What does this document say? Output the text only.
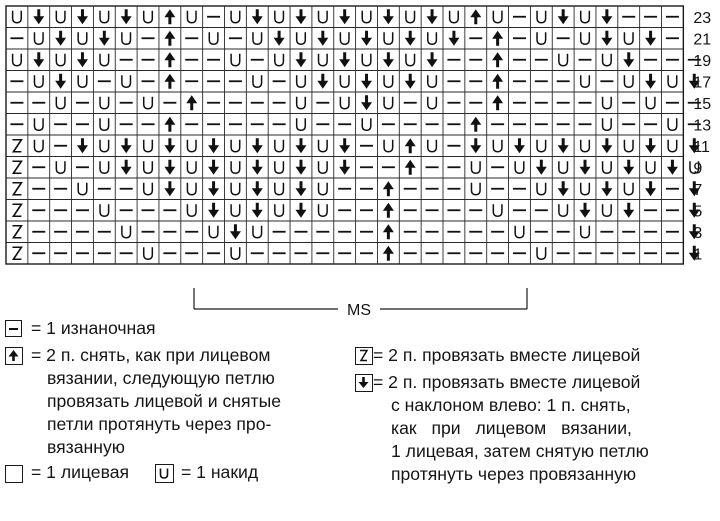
23
21
19
17
15
13
11
9
7
5
3
1
MS
= 1 изнаночная
= 2 п. снять, как при лицевом
вязании, следующую петлю
провязать лицевой и снятые
петли протянуть через про-
вязанную
= 1 лицевая	= 1 накид
= 2 п. провязать вместе лицевой
= 2 п. провязать вместе лицевой
с наклоном влево: 1 п. снять,
как при лицевом вязании,
1 лицевая, затем снятую петлю
протянуть через провязанную
